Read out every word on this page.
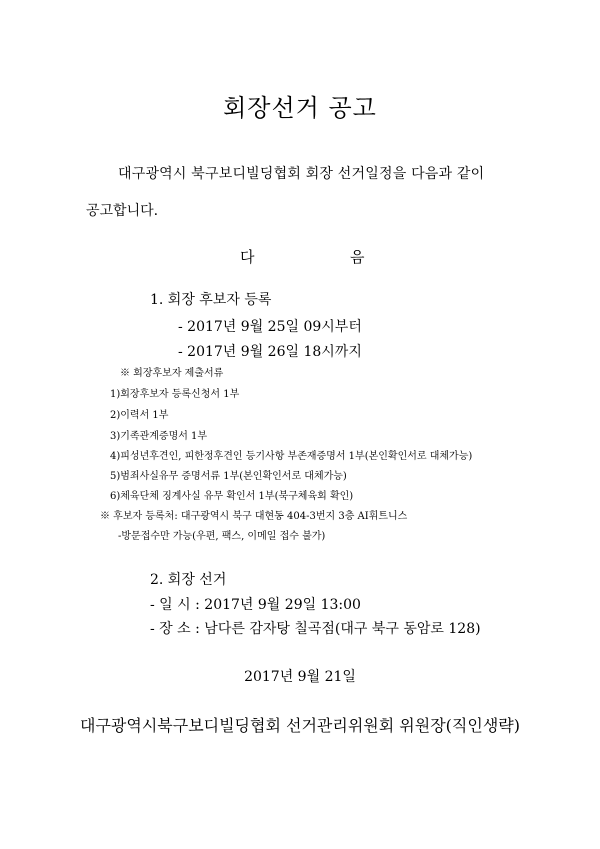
회장선거 공고
대구광역시 북구보디빌딩협회 회장 선거일정을 다음과 같이
공고합니다.
다	음
1. 회장 후보자 등록
- 2017년 9월 25일 09시부터
- 2017년 9월 26일 18시까지
※ 회장후보자 제출서류
1)회장후보자 등록신청서 1부
2)이력서 1부
3)기족관계증명서 1부
4)피성년후견인, 피한정후견인 등기사항 부존재증명서 1부(본인확인서로 대체가능)
5)범죄사실유무 증명서류 1부(본인확인서로 대체가능)
6)체육단체 징계사실 유무 확인서 1부(북구체육회 확인)
※ 후보자 등록처: 대구광역시 북구 대현동 404-3번지 3층 AI휘트니스
-방문접수만 가능(우편, 팩스, 이메일 접수 불가)
2. 회장 선거
- 일 시 : 2017년 9월 29일 13:00
- 장 소 : 남다른 감자탕 칠곡점(대구 북구 동암로 128)
2017년 9월 21일
대구광역시북구보디빌딩협회 선거관리위원회 위원장(직인생략)
